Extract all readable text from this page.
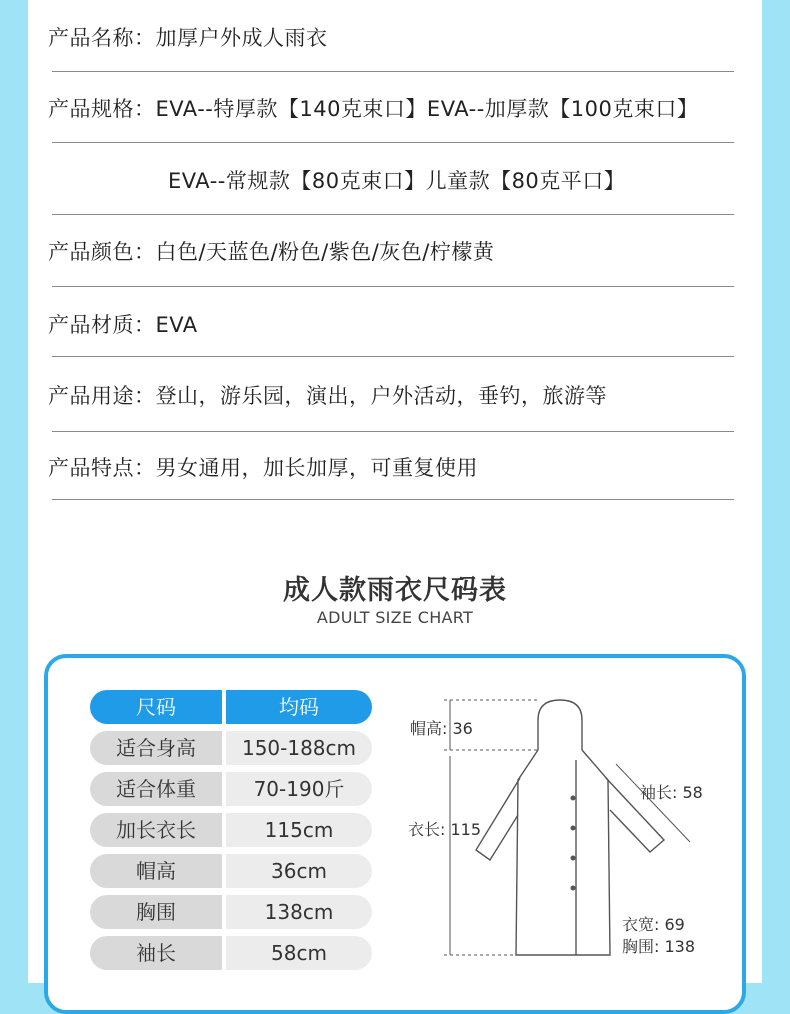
产品名称：加厚户外成人雨衣
产品规格：EVA--特厚款【140克束口】EVA--加厚款【100克束口】
EVA--常规款【80克束口】儿童款【80克平口】
产品颜色：白色/天蓝色/粉色/紫色/灰色/柠檬黄
产品材质：EVA
产品用途：登山，游乐园，演出，户外活动，垂钓，旅游等
产品特点：男女通用，加长加厚，可重复使用
成人款雨衣尺码表
ADULT SIZE CHART
尺码	均码
适合身高	150-188cm
适合体重	70-190斤
加长衣长	115cm
帽高	36cm
胸围	138cm
袖长	58cm
帽高: 36
衣长: 115
袖长: 58
衣宽: 69
胸围: 138
